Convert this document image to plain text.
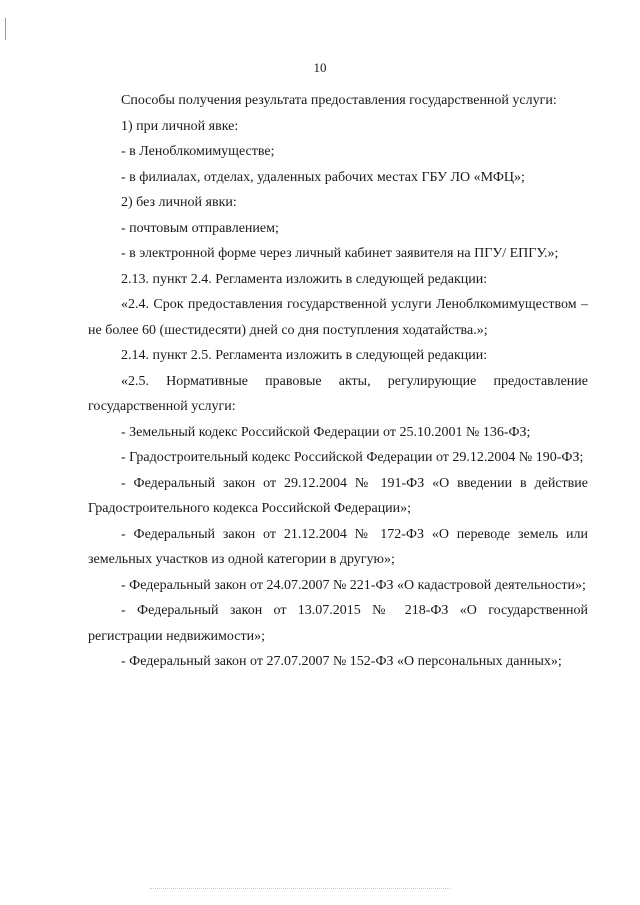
10

Способы получения результата предоставления государственной услуги:

1) при личной явке:

- в Леноблкомимуществе;

- в филиалах, отделах, удаленных рабочих местах ГБУ ЛО «МФЦ»;

2) без личной явки:

- почтовым отправлением;

- в электронной форме через личный кабинет заявителя на ПГУ/ ЕПГУ.»;

2.13. пункт 2.4. Регламента изложить в следующей редакции:

«2.4. Срок предоставления государственной услуги Леноблкомимуществом – не более 60 (шестидесяти) дней со дня поступления ходатайства.»;

2.14. пункт 2.5. Регламента изложить в следующей редакции:

«2.5. Нормативные правовые акты, регулирующие предоставление государственной услуги:

- Земельный кодекс Российской Федерации от 25.10.2001 № 136-ФЗ;

- Градостроительный кодекс Российской Федерации от 29.12.2004 № 190-ФЗ;

- Федеральный закон от 29.12.2004 № 191-ФЗ «О введении в действие Градостроительного кодекса Российской Федерации»;

- Федеральный закон от 21.12.2004 № 172-ФЗ «О переводе земель или земельных участков из одной категории в другую»;

- Федеральный закон от 24.07.2007 № 221-ФЗ «О кадастровой деятельности»;

- Федеральный закон от 13.07.2015 № 218-ФЗ «О государственной регистрации недвижимости»;

- Федеральный закон от 27.07.2007 № 152-ФЗ «О персональных данных»;
